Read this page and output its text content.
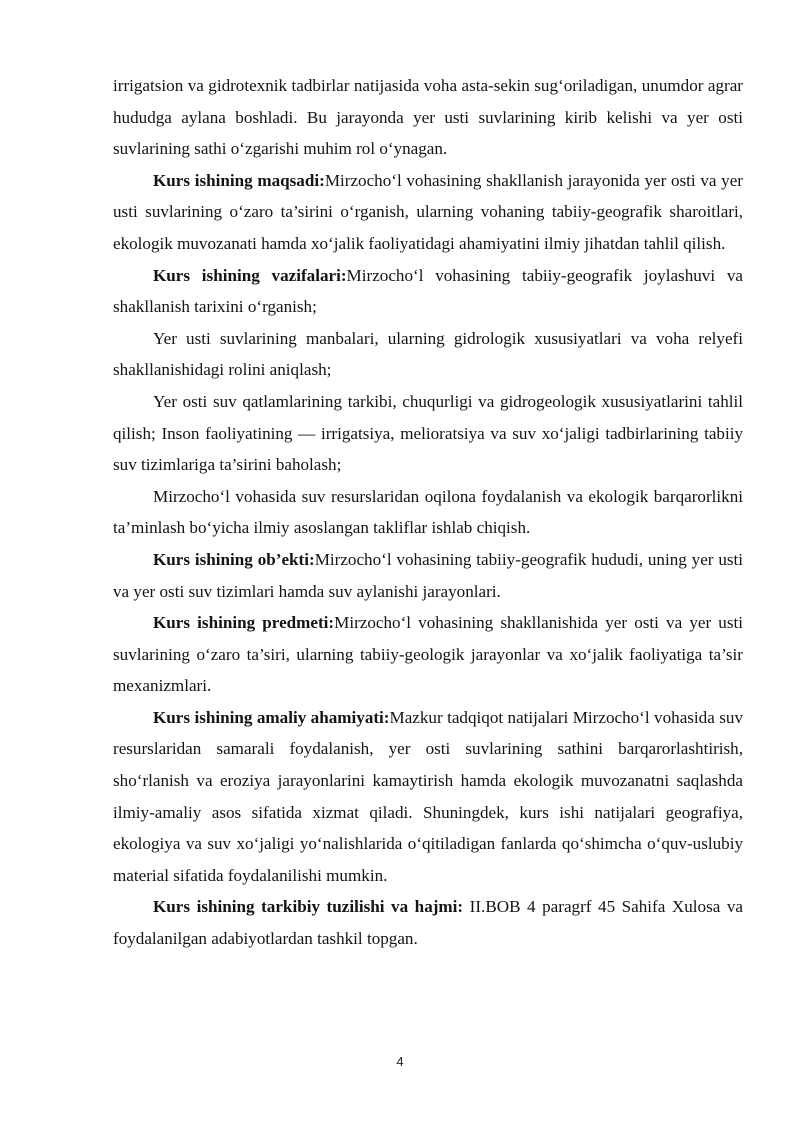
irrigatsion va gidrotexnik tadbirlar natijasida voha asta-sekin sug‘oriladigan, unumdor agrar hududga aylana boshladi. Bu jarayonda yer usti suvlarining kirib kelishi va yer osti suvlarining sathi o‘zgarishi muhim rol o‘ynagan.

Kurs ishining maqsadi:Mirzocho‘l vohasining shakllanish jarayonida yer osti va yer usti suvlarining o‘zaro ta’sirini o‘rganish, ularning vohaning tabiiy-geografik sharoitlari, ekologik muvozanati hamda xo‘jalik faoliyatidagi ahamiyatini ilmiy jihatdan tahlil qilish.

Kurs ishining vazifalari:Mirzocho‘l vohasining tabiiy-geografik joylashuvi va shakllanish tarixini o‘rganish;

Yer usti suvlarining manbalari, ularning gidrologik xususiyatlari va voha relyefi shakllanishidagi rolini aniqlash;

Yer osti suv qatlamlarining tarkibi, chuqurligi va gidrogeologik xususiyatlarini tahlil qilish; Inson faoliyatining — irrigatsiya, melioratsiya va suv xo‘jaligi tadbirlarining tabiiy suv tizimlariga ta’sirini baholash;

Mirzocho‘l vohasida suv resurslaridan oqilona foydalanish va ekologik barqarorlikni ta’minlash bo‘yicha ilmiy asoslangan takliflar ishlab chiqish.

Kurs ishining ob’ekti:Mirzocho‘l vohasining tabiiy-geografik hududi, uning yer usti va yer osti suv tizimlari hamda suv aylanishi jarayonlari.

Kurs ishining predmeti:Mirzocho‘l vohasining shakllanishida yer osti va yer usti suvlarining o‘zaro ta’siri, ularning tabiiy-geologik jarayonlar va xo‘jalik faoliyatiga ta’sir mexanizmlari.

Kurs ishining amaliy ahamiyati:Mazkur tadqiqot natijalari Mirzocho‘l vohasida suv resurslaridan samarali foydalanish, yer osti suvlarining sathini barqarorlashtirish, sho‘rlanish va eroziya jarayonlarini kamaytirish hamda ekologik muvozanatni saqlashda ilmiy-amaliy asos sifatida xizmat qiladi. Shuningdek, kurs ishi natijalari geografiya, ekologiya va suv xo‘jaligi yo‘nalishlarida o‘qitiladigan fanlarda qo‘shimcha o‘quv-uslubiy material sifatida foydalanilishi mumkin.

Kurs ishining tarkibiy tuzilishi va hajmi: II.BOB 4 paragrf 45 Sahifa Xulosa va foydalanilgan adabiyotlardan tashkil topgan.

4
